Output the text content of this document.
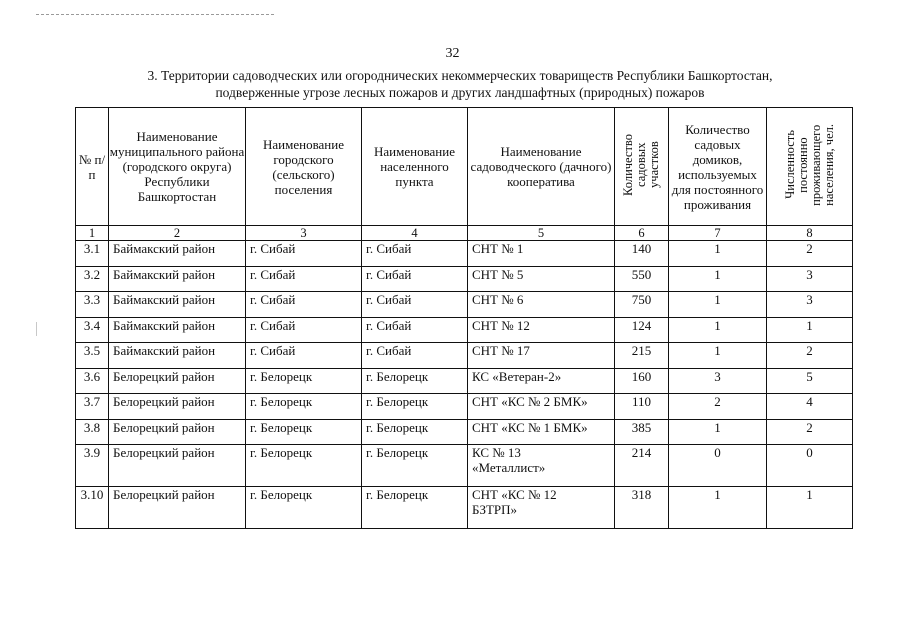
32
3. Территории садоводческих или огороднических некоммерческих товариществ Республики Башкортостан,
подверженные угрозе лесных пожаров и других ландшафтных (природных) пожаров
№ п/п	Наименование муниципального района (городского округа) Республики Башкортостан	Наименование городского (сельского) поселения	Наименование населенного пункта	Наименование садоводческого (дачного) кооператива	Количество
садовых
участков	Количество садовых домиков, используемых для постоянного проживания	Численность
постоянно
проживающего
населения, чел.
1	2	3	4	5	6	7	8
3.1	Баймакский район	г. Сибай	г. Сибай	СНТ № 1	140	1	2
3.2	Баймакский район	г. Сибай	г. Сибай	СНТ № 5	550	1	3
3.3	Баймакский район	г. Сибай	г. Сибай	СНТ № 6	750	1	3
3.4	Баймакский район	г. Сибай	г. Сибай	СНТ № 12	124	1	1
3.5	Баймакский район	г. Сибай	г. Сибай	СНТ № 17	215	1	2
3.6	Белорецкий район	г. Белорецк	г. Белорецк	КС «Ветеран-2»	160	3	5
3.7	Белорецкий район	г. Белорецк	г. Белорецк	СНТ «КС № 2 БМК»	110	2	4
3.8	Белорецкий район	г. Белорецк	г. Белорецк	СНТ «КС № 1 БМК»	385	1	2
3.9	Белорецкий район	г. Белорецк	г. Белорецк	КС № 13 «Металлист»	214	0	0
3.10	Белорецкий район	г. Белорецк	г. Белорецк	СНТ «КС № 12 БЗТРП»	318	1	1
